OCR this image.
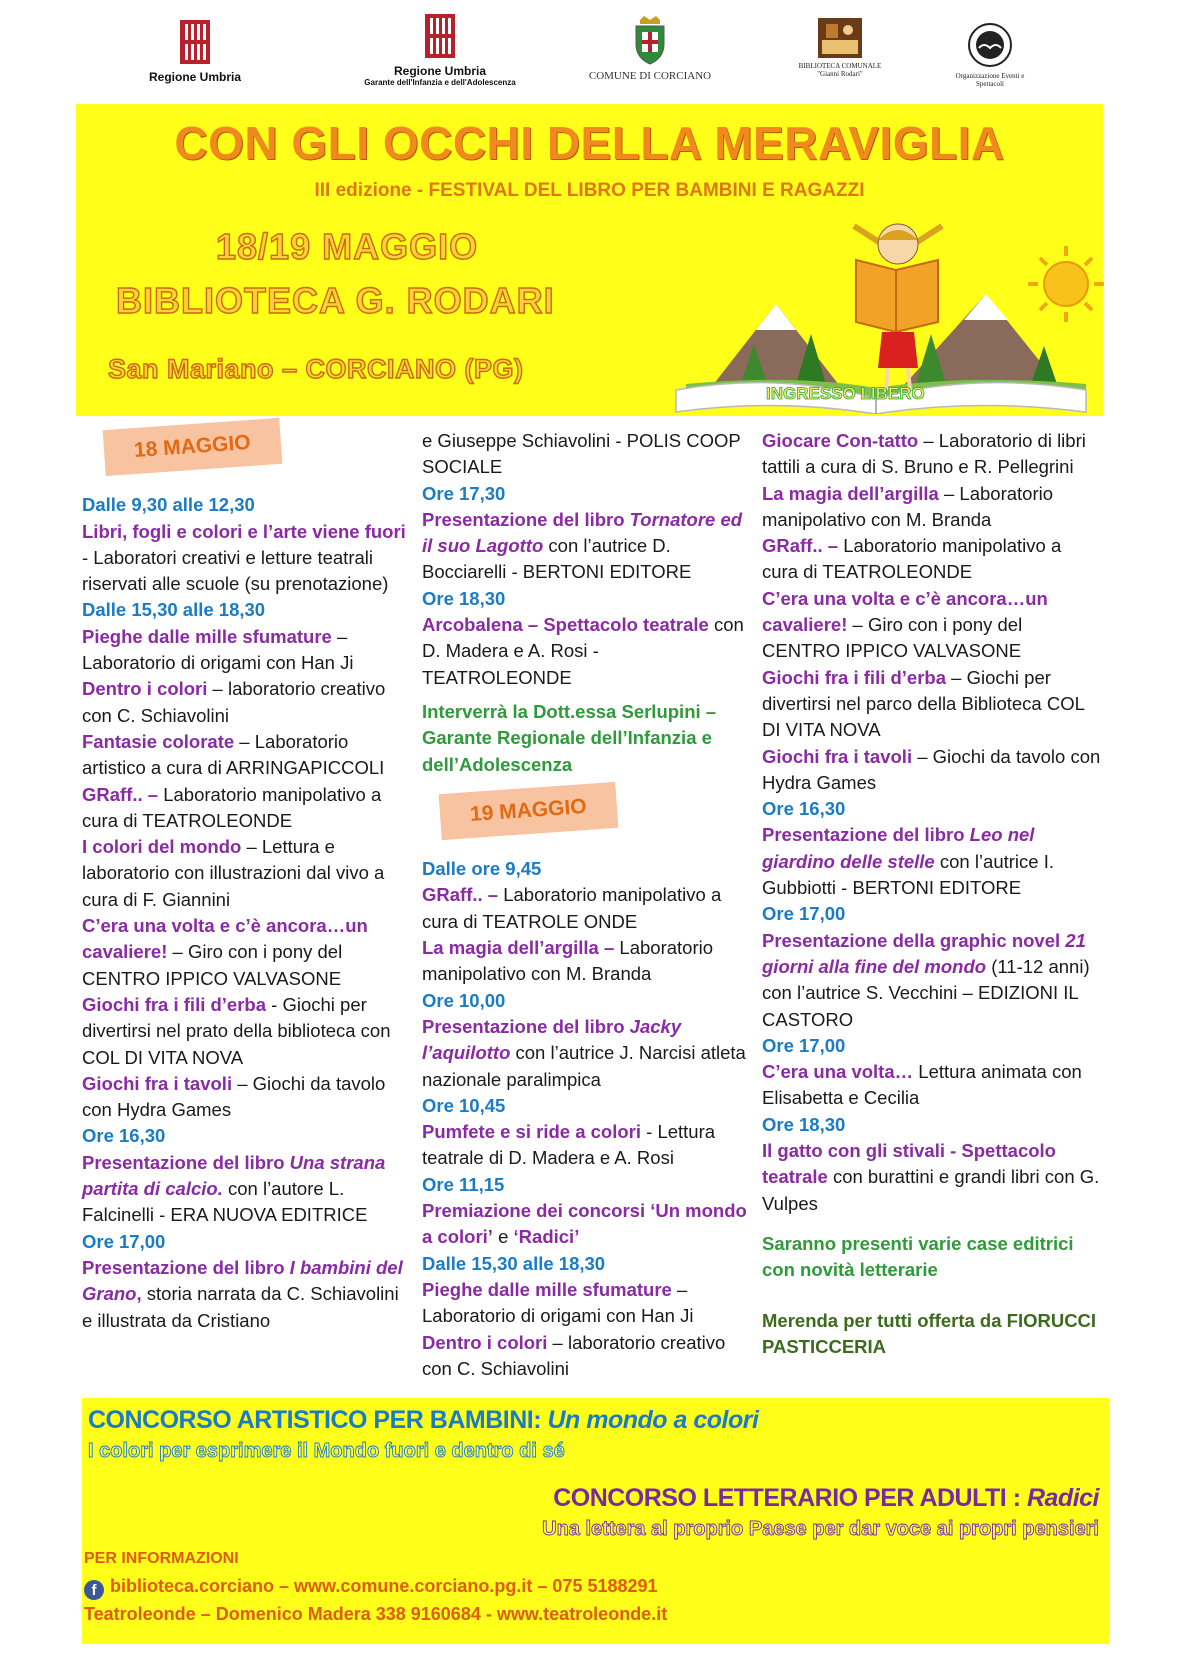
Regione Umbria	Regione Umbria
Garante dell'Infanzia e dell'Adolescenza
COMUNE DI CORCIANO
BIBLIOTECA COMUNALE
"Gianni Rodari"	Organizzazione Eventi e Spettacoli
CON GLI OCCHI DELLA MERAVIGLIA
III edizione - FESTIVAL DEL LIBRO PER BAMBINI E RAGAZZI
18/19 MAGGIO
BIBLIOTECA G. RODARI
San Mariano – CORCIANO (PG)
INGRESSO LIBERO
18 MAGGIO
Dalle 9,30 alle 12,30
Libri, fogli e colori e l’arte viene fuori - Laboratori creativi e letture teatrali riservati alle scuole (su prenotazione)
Dalle 15,30 alle 18,30
Pieghe dalle mille sfumature – Laboratorio di origami con Han Ji
Dentro i colori – laboratorio creativo con C. Schiavolini
Fantasie colorate – Laboratorio artistico a cura di ARRINGAPICCOLI
GRaff.. – Laboratorio manipolativo a cura di TEATROLEONDE
I colori del mondo – Lettura e laboratorio con illustrazioni dal vivo a cura di F. Giannini
C’era una volta e c’è ancora…un cavaliere! – Giro con i pony del CENTRO IPPICO VALVASONE
Giochi fra i fili d’erba - Giochi per divertirsi nel prato della biblioteca con COL DI VITA NOVA
Giochi fra i tavoli – Giochi da tavolo con Hydra Games
Ore 16,30
Presentazione del libro Una strana partita di calcio. con l’autore L. Falcinelli - ERA NUOVA EDITRICE
Ore 17,00
Presentazione del libro I bambini del Grano, storia narrata da C. Schiavolini e illustrata da Cristiano
e Giuseppe Schiavolini - POLIS COOP SOCIALE
Ore 17,30
Presentazione del libro Tornatore ed il suo Lagotto con l’autrice D. Bocciarelli - BERTONI EDITORE
Ore 18,30
Arcobalena – Spettacolo teatrale con D. Madera e A. Rosi - TEATROLEONDE
Interverrà la Dott.essa Serlupini – Garante Regionale dell’Infanzia e dell’Adolescenza
19 MAGGIO
Dalle ore 9,45
GRaff.. – Laboratorio manipolativo a cura di TEATROLE ONDE
La magia dell’argilla – Laboratorio manipolativo con M. Branda
Ore 10,00
Presentazione del libro Jacky l’aquilotto con l’autrice J. Narcisi atleta nazionale paralimpica
Ore 10,45
Pumfete e si ride a colori - Lettura teatrale di D. Madera e A. Rosi
Ore 11,15
Premiazione dei concorsi ‘Un mondo a colori’ e ‘Radici’
Dalle 15,30 alle 18,30
Pieghe dalle mille sfumature – Laboratorio di origami con Han Ji
Dentro i colori – laboratorio creativo con C. Schiavolini
Giocare Con-tatto – Laboratorio di libri tattili a cura di S. Bruno e R. Pellegrini
La magia dell’argilla – Laboratorio manipolativo con M. Branda
GRaff.. – Laboratorio manipolativo a cura di TEATROLEONDE
C’era una volta e c’è ancora…un cavaliere! – Giro con i pony del CENTRO IPPICO VALVASONE
Giochi fra i fili d’erba – Giochi per divertirsi nel parco della Biblioteca COL DI VITA NOVA
Giochi fra i tavoli – Giochi da tavolo con Hydra Games
Ore 16,30
Presentazione del libro Leo nel giardino delle stelle con l’autrice I. Gubbiotti - BERTONI EDITORE
Ore 17,00
Presentazione della graphic novel 21 giorni alla fine del mondo (11-12 anni) con l’autrice S. Vecchini – EDIZIONI IL CASTORO
Ore 17,00
C’era una volta… Lettura animata con Elisabetta e Cecilia
Ore 18,30
Il gatto con gli stivali - Spettacolo teatrale con burattini e grandi libri con G. Vulpes
Saranno presenti varie case editrici con novità letterarie
Merenda per tutti offerta da FIORUCCI PASTICCERIA
CONCORSO ARTISTICO PER BAMBINI: Un mondo a colori
I colori per esprimere il Mondo fuori e dentro di sé
CONCORSO LETTERARIO PER ADULTI : Radici
Una lettera al proprio Paese per dar voce ai propri pensieri
PER INFORMAZIONI
f biblioteca.corciano – www.comune.corciano.pg.it – 075 5188291
Teatroleonde – Domenico Madera 338 9160684 - www.teatroleonde.it
